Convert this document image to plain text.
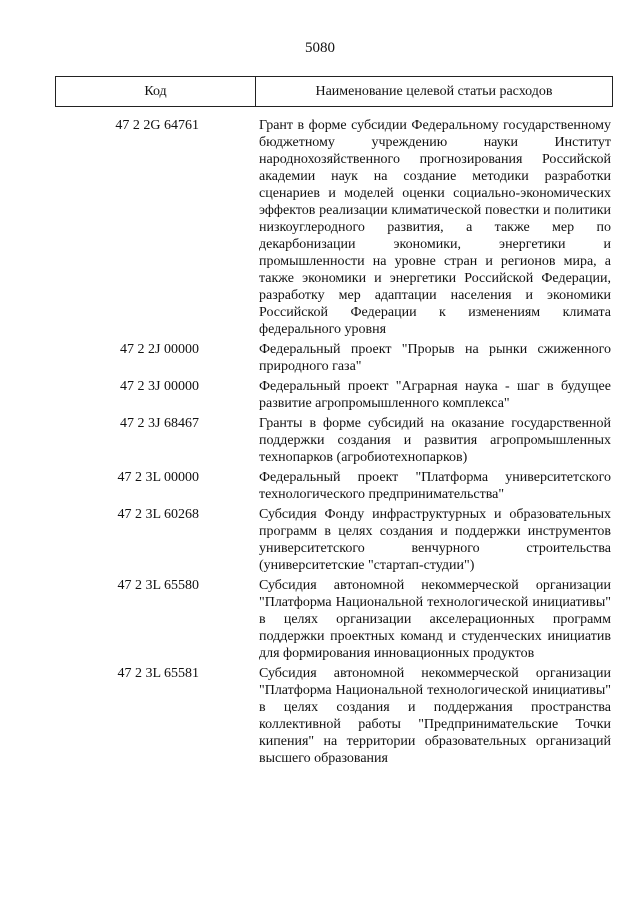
5080
Код	Наименование целевой статьи расходов
47 2 2G 64761	Грант в форме субсидии Федеральному государственному бюджетному учреждению науки Институт народнохозяйственного прогнозирования Российской академии наук на создание методики разработки сценариев и моделей оценки социально-экономических эффектов реализации климатической повестки и политики низкоуглеродного развития, а также мер по декарбонизации экономики, энергетики и промышленности на уровне стран и регионов мира, а также экономики и энергетики Российской Федерации, разработку мер адаптации населения и экономики Российской Федерации к изменениям климата федерального уровня
47 2 2J 00000	Федеральный проект "Прорыв на рынки сжиженного природного газа"
47 2 3J 00000	Федеральный проект "Аграрная наука - шаг в будущее развитие агропромышленного комплекса"
47 2 3J 68467	Гранты в форме субсидий на оказание государственной поддержки создания и развития агропромышленных технопарков (агробиотехнопарков)
47 2 3L 00000	Федеральный проект "Платформа университетского технологического предпринимательства"
47 2 3L 60268	Субсидия Фонду инфраструктурных и образовательных программ в целях создания и поддержки инструментов университетского венчурного строительства (университетские "стартап-студии")
47 2 3L 65580	Субсидия автономной некоммерческой организации "Платформа Национальной технологической инициативы" в целях организации акселерационных программ поддержки проектных команд и студенческих инициатив для формирования инновационных продуктов
47 2 3L 65581	Субсидия автономной некоммерческой организации "Платформа Национальной технологической инициативы" в целях создания и поддержания пространства коллективной работы "Предпринимательские Точки кипения" на территории образовательных организаций высшего образования
